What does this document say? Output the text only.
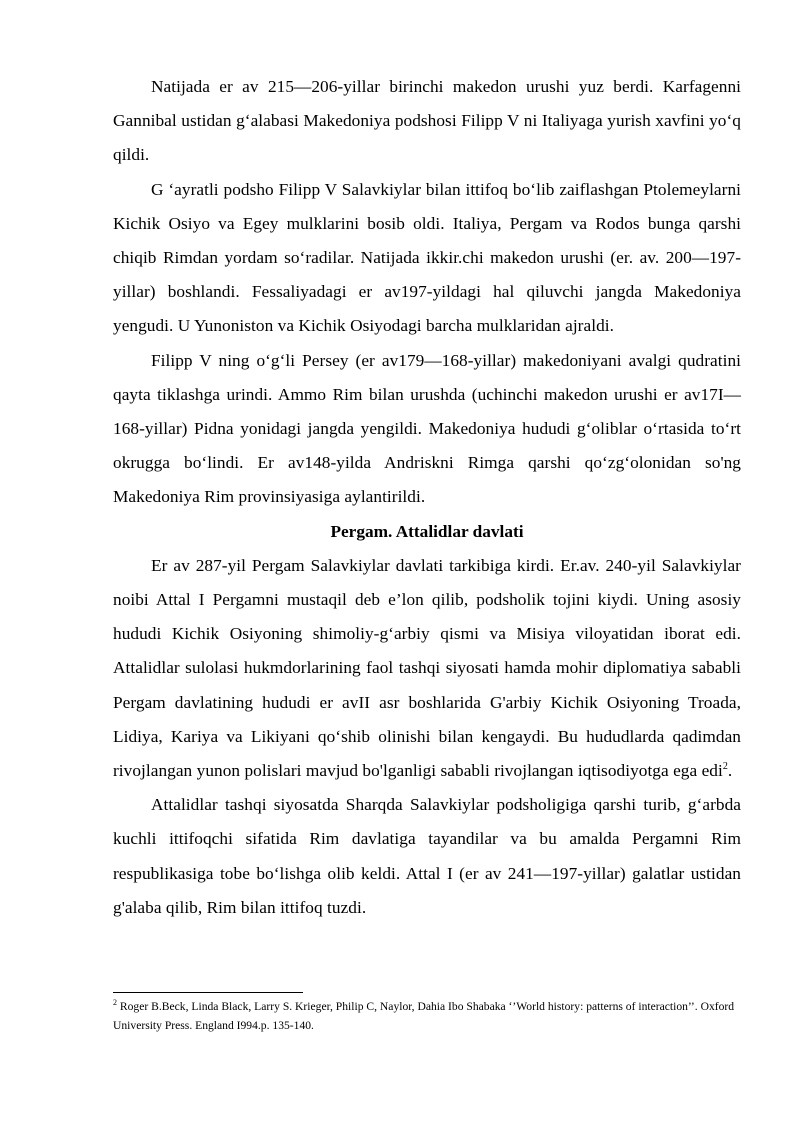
Natijada er av 215—206-yillar birinchi makedon urushi yuz berdi. Karfagenni Gannibal ustidan g‘alabasi Makedoniya podshosi Filipp V ni Italiyaga yurish xavfini yo‘q qildi.

G ‘ayratli podsho Filipp V Salavkiylar bilan ittifoq bo‘lib zaiflashgan Ptolemeylarni Kichik Osiyo va Egey mulklarini bosib oldi. Italiya, Pergam va Rodos bunga qarshi chiqib Rimdan yordam so‘radilar. Natijada ikkir.chi makedon urushi (er. av. 200—197-yillar) boshlandi. Fessaliyadagi er av197-yildagi hal qiluvchi jangda Makedoniya yengudi. U Yunoniston va Kichik Osiyodagi barcha mulklaridan ajraldi.

Filipp V ning o‘g‘li Persey (er av179—168-yillar) makedoniyani avalgi qudratini qayta tiklashga urindi. Ammo Rim bilan urushda (uchinchi makedon urushi er av17I—168-yillar) Pidna yonidagi jangda yengildi. Makedoniya hududi g‘oliblar o‘rtasida to‘rt okrugga bo‘lindi. Er av148-yilda Andriskni Rimga qarshi qo‘zg‘olonidan so'ng Makedoniya Rim provinsiyasiga aylantirildi.

Pergam. Attalidlar davlati

Er av 287-yil Pergam Salavkiylar davlati tarkibiga kirdi. Er.av. 240-yil Salavkiylar noibi Attal I Pergamni mustaqil deb e’lon qilib, podsholik tojini kiydi. Uning asosiy hududi Kichik Osiyoning shimoliy-g‘arbiy qismi va Misiya viloyatidan iborat edi. Attalidlar sulolasi hukmdorlarining faol tashqi siyosati hamda mohir diplomatiya sababli Pergam davlatining hududi er avII asr boshlarida G'arbiy Kichik Osiyoning Troada, Lidiya, Kariya va Likiyani qo‘shib olinishi bilan kengaydi. Bu hududlarda qadimdan rivojlangan yunon polislari mavjud bo'lganligi sababli rivojlangan iqtisodiyotga ega edi$^2$.

Attalidlar tashqi siyosatda Sharqda Salavkiylar podsholigiga qarshi turib, g‘arbda kuchli ittifoqchi sifatida Rim davlatiga tayandilar va bu amalda Pergamni Rim respublikasiga tobe bo‘lishga olib keldi. Attal I (er av 241—197-yillar) galatlar ustidan g'alaba qilib, Rim bilan ittifoq tuzdi.

$^2$ Roger B.Beck, Linda Black, Larry S. Krieger, Philip C, Naylor, Dahia Ibo Shabaka ‘’World history: patterns of interaction’’. Oxford University Press. England I994.p. 135-140.
